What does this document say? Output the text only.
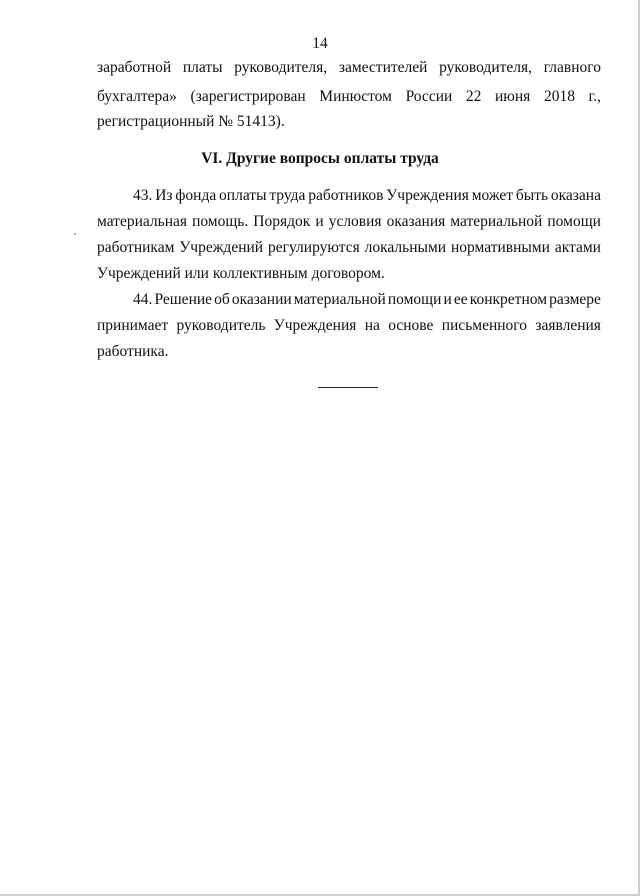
14
заработной платы руководителя, заместителей руководителя, главного
бухгалтера» (зарегистрирован Минюстом России 22 июня 2018 г.,
регистрационный № 51413).
VI. Другие вопросы оплаты труда
43. Из фонда оплаты труда работников Учреждения может быть оказана
материальная помощь. Порядок и условия оказания материальной помощи
работникам Учреждений регулируются локальными нормативными актами
Учреждений или коллективным договором.
44. Решение об оказании материальной помощи и ее конкретном размере
принимает руководитель Учреждения на основе письменного заявления
работника.
